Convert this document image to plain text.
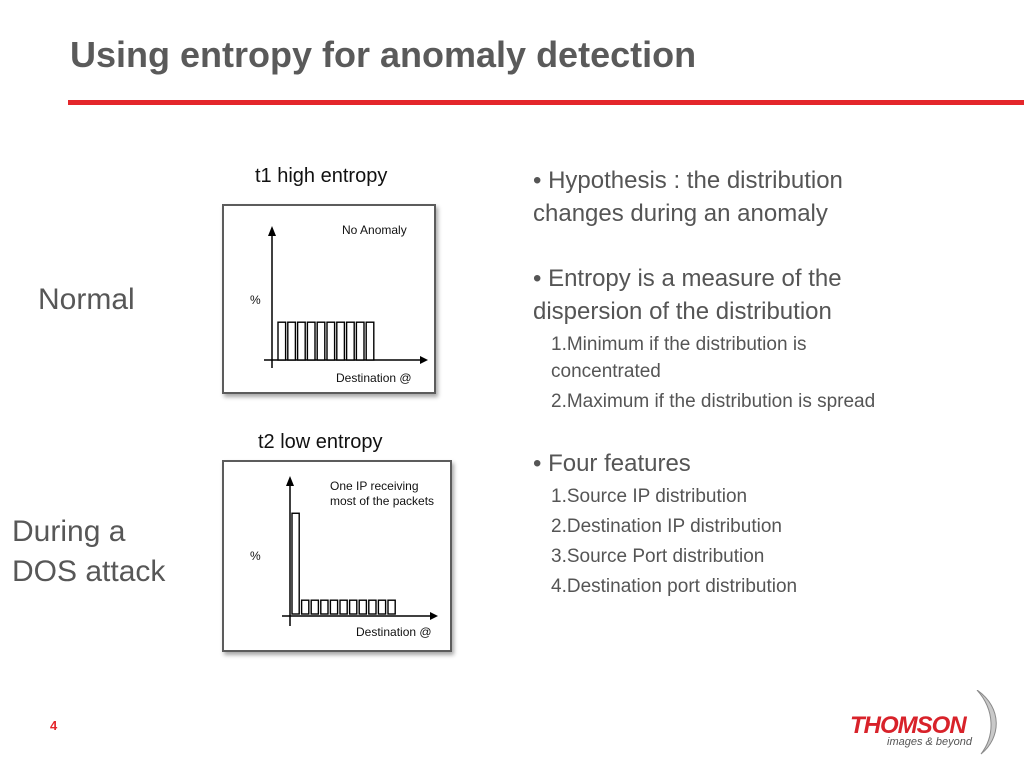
Using entropy for anomaly detection
Normal
During a
DOS attack
t1 high entropy
No Anomaly
%
Destination @
t2 low entropy
One IP receiving
most of the packets
%
Destination @
• Hypothesis : the distribution
changes during an anomaly
• Entropy is a measure of the
dispersion of the distribution
1.Minimum if the distribution is
concentrated
2.Maximum if the distribution is spread
• Four features
1.Source IP distribution
2.Destination IP distribution
3.Source Port distribution
4.Destination port distribution
4	THOMSON
images & beyond
